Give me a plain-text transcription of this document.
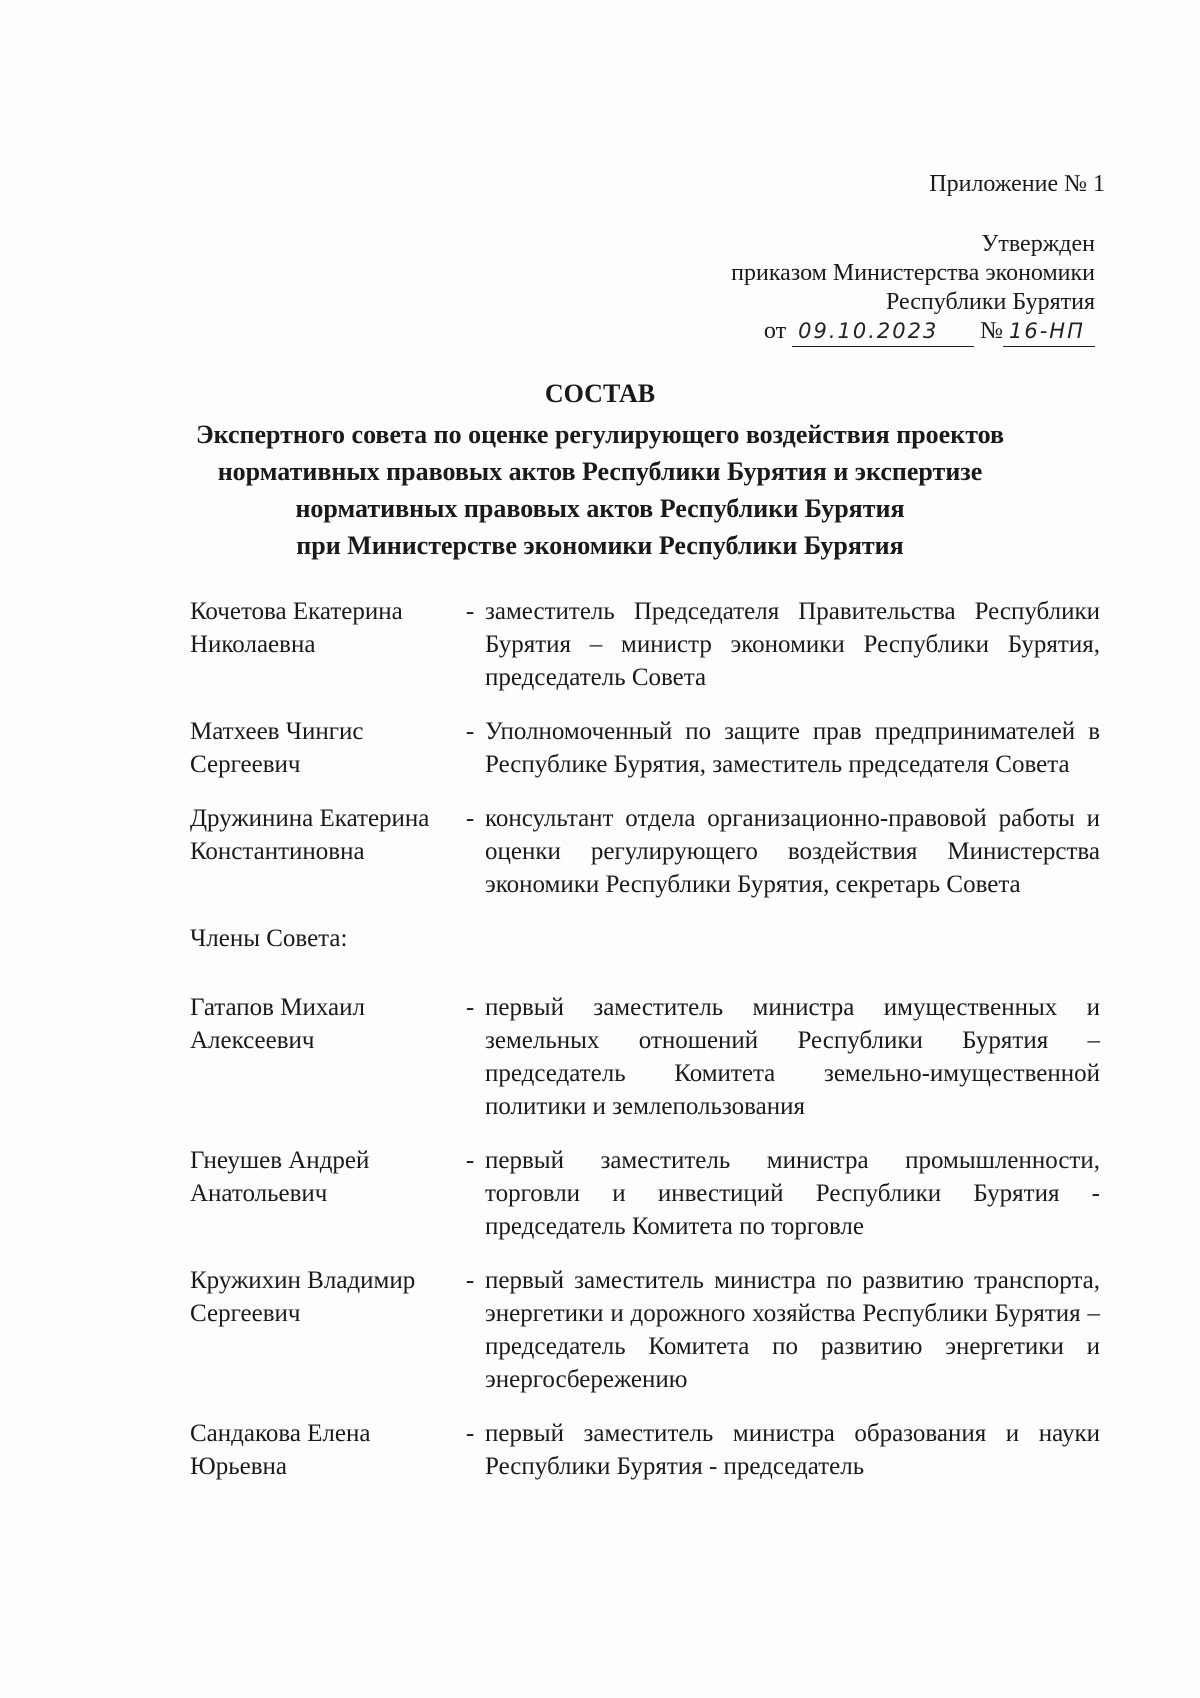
Приложение № 1
Утвержден
приказом Министерства экономики
Республики Бурятия
от 09.10.2023 № 16-НП
СОСТАВ
Экспертного совета по оценке регулирующего воздействия проектов
нормативных правовых актов Республики Бурятия и экспертизе
нормативных правовых актов Республики Бурятия
при Министерстве экономики Республики Бурятия
Кочетова Екатерина Николаевна
- заместитель Председателя Правительства Республики Бурятия – министр экономики Республики Бурятия, председатель Совета
Матхеев Чингис Сергеевич
- Уполномоченный по защите прав предпринимателей в Республике Бурятия, заместитель председателя Совета
Дружинина Екатерина Константиновна
- консультант отдела организационно-правовой работы и оценки регулирующего воздействия Министерства экономики Республики Бурятия, секретарь Совета
Члены Совета:
Гатапов Михаил Алексеевич
- первый заместитель министра имущественных и земельных отношений Республики Бурятия – председатель Комитета земельно-имущественной политики и землепользования
Гнеушев Андрей Анатольевич
- первый заместитель министра промышленности, торговли и инвестиций Республики Бурятия - председатель Комитета по торговле
Кружихин Владимир Сергеевич
- первый заместитель министра по развитию транспорта, энергетики и дорожного хозяйства Республики Бурятия – председатель Комитета по развитию энергетики и энергосбережению
Сандакова Елена Юрьевна
- первый заместитель министра образования и науки Республики Бурятия - председатель
